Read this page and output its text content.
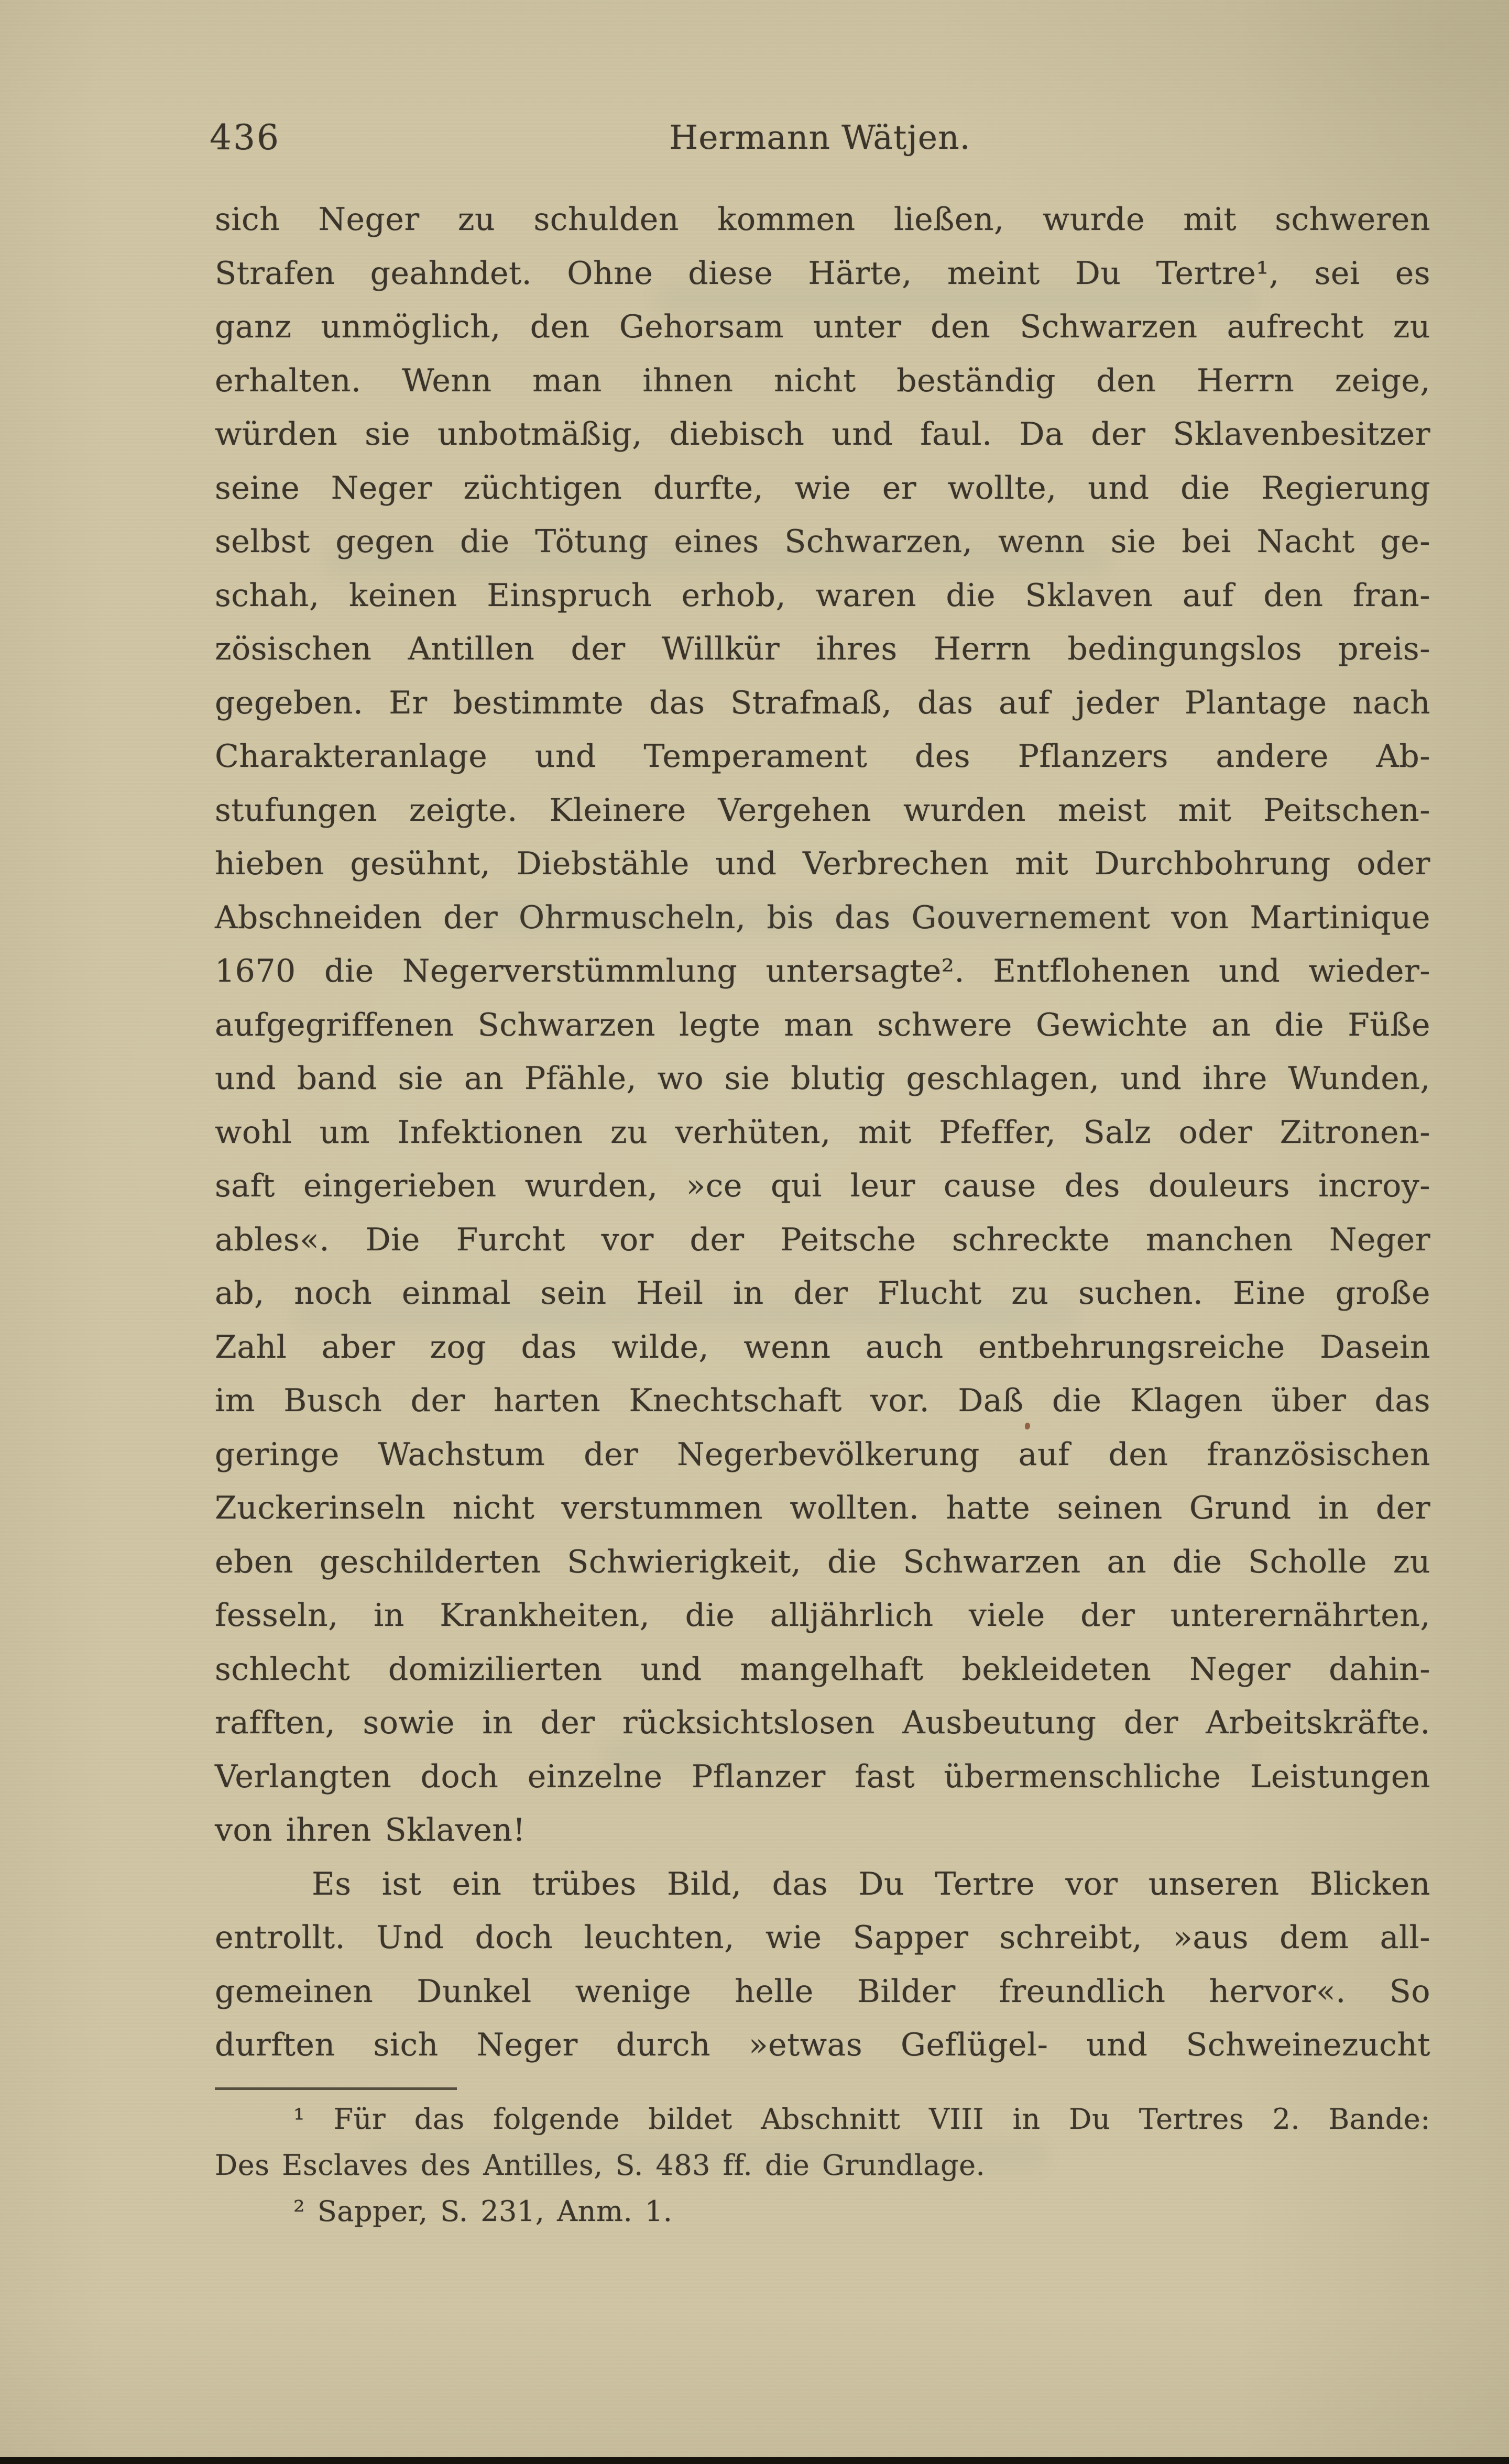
436	Hermann Wätjen.
sich Neger zu schulden kommen ließen, wurde mit schweren
Strafen geahndet. Ohne diese Härte, meint Du Tertre¹, sei es
ganz unmöglich, den Gehorsam unter den Schwarzen aufrecht zu
erhalten. Wenn man ihnen nicht beständig den Herrn zeige,
würden sie unbotmäßig, diebisch und faul. Da der Sklavenbesitzer
seine Neger züchtigen durfte, wie er wollte, und die Regierung
selbst gegen die Tötung eines Schwarzen, wenn sie bei Nacht ge-
schah, keinen Einspruch erhob, waren die Sklaven auf den fran-
zösischen Antillen der Willkür ihres Herrn bedingungslos preis-
gegeben. Er bestimmte das Strafmaß, das auf jeder Plantage nach
Charakteranlage und Temperament des Pflanzers andere Ab-
stufungen zeigte. Kleinere Vergehen wurden meist mit Peitschen-
hieben gesühnt, Diebstähle und Verbrechen mit Durchbohrung oder
Abschneiden der Ohrmuscheln, bis das Gouvernement von Martinique
1670 die Negerverstümmlung untersagte². Entflohenen und wieder-
aufgegriffenen Schwarzen legte man schwere Gewichte an die Füße
und band sie an Pfähle, wo sie blutig geschlagen, und ihre Wunden,
wohl um Infektionen zu verhüten, mit Pfeffer, Salz oder Zitronen-
saft eingerieben wurden, »ce qui leur cause des douleurs incroy-
ables«. Die Furcht vor der Peitsche schreckte manchen Neger
ab, noch einmal sein Heil in der Flucht zu suchen. Eine große
Zahl aber zog das wilde, wenn auch entbehrungsreiche Dasein
im Busch der harten Knechtschaft vor. Daß die Klagen über das
geringe Wachstum der Negerbevölkerung auf den französischen
Zuckerinseln nicht verstummen wollten. hatte seinen Grund in der
eben geschilderten Schwierigkeit, die Schwarzen an die Scholle zu
fesseln, in Krankheiten, die alljährlich viele der unterernährten,
schlecht domizilierten und mangelhaft bekleideten Neger dahin-
rafften, sowie in der rücksichtslosen Ausbeutung der Arbeitskräfte.
Verlangten doch einzelne Pflanzer fast übermenschliche Leistungen
von ihren Sklaven!
Es ist ein trübes Bild, das Du Tertre vor unseren Blicken
entrollt. Und doch leuchten, wie Sapper schreibt, »aus dem all-
gemeinen Dunkel wenige helle Bilder freundlich hervor«. So
durften sich Neger durch »etwas Geflügel- und Schweinezucht
¹ Für das folgende bildet Abschnitt VIII in Du Tertres 2. Bande:
Des Esclaves des Antilles, S. 483 ff. die Grundlage.
² Sapper, S. 231, Anm. 1.
